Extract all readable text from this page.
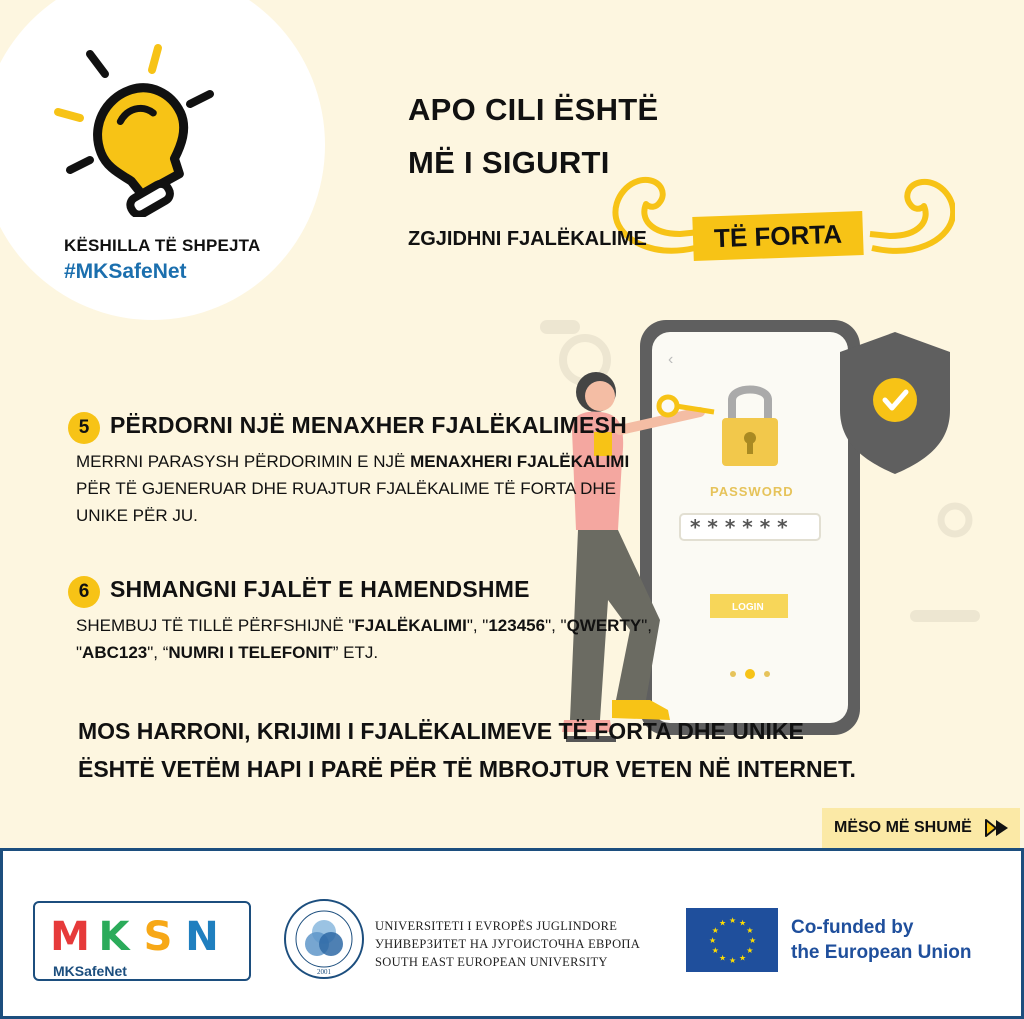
KËSHILLA TË SHPEJTA
#MKSafeNet
APO CILI ËSHTË
MË I SIGURTI
ZGJIDHNI FJALËKALIME	TË FORTA
‹
PASSWORD
* * * * * *
LOGIN
5 PËRDORNI NJË MENAXHER FJALËKALIMESH
MERRNI PARASYSH PËRDORIMIN E NJË MENAXHERI FJALËKALIMI
PËR TË GJENERUAR DHE RUAJTUR FJALËKALIME TË FORTA DHE
UNIKE PËR JU.
6 SHMANGNI FJALËT E HAMENDSHME
SHEMBUJ TË TILLË PËRFSHIJNË "FJALËKALIMI", "123456", "QWERTY",
"ABC123", “NUMRI I TELEFONIT” ETJ.
MOS HARRONI, KRIJIMI I FJALËKALIMEVE TË FORTA DHE UNIKE
ËSHTË VETËM HAPI I PARË PËR TË MBROJTUR VETEN NË INTERNET.
MËSO MË SHUMË
M K S N
MKSafeNet	2001
UNIVERSITETI I EVROPËS JUGLINDORE
УНИВЕРЗИТЕТ НА ЈУГОИСТОЧНА ЕВРОПА
SOUTH EAST EUROPEAN UNIVERSITY
★
★
★
★
★
★
★
★
★ ★ ★
★ Co-funded by
the European Union
